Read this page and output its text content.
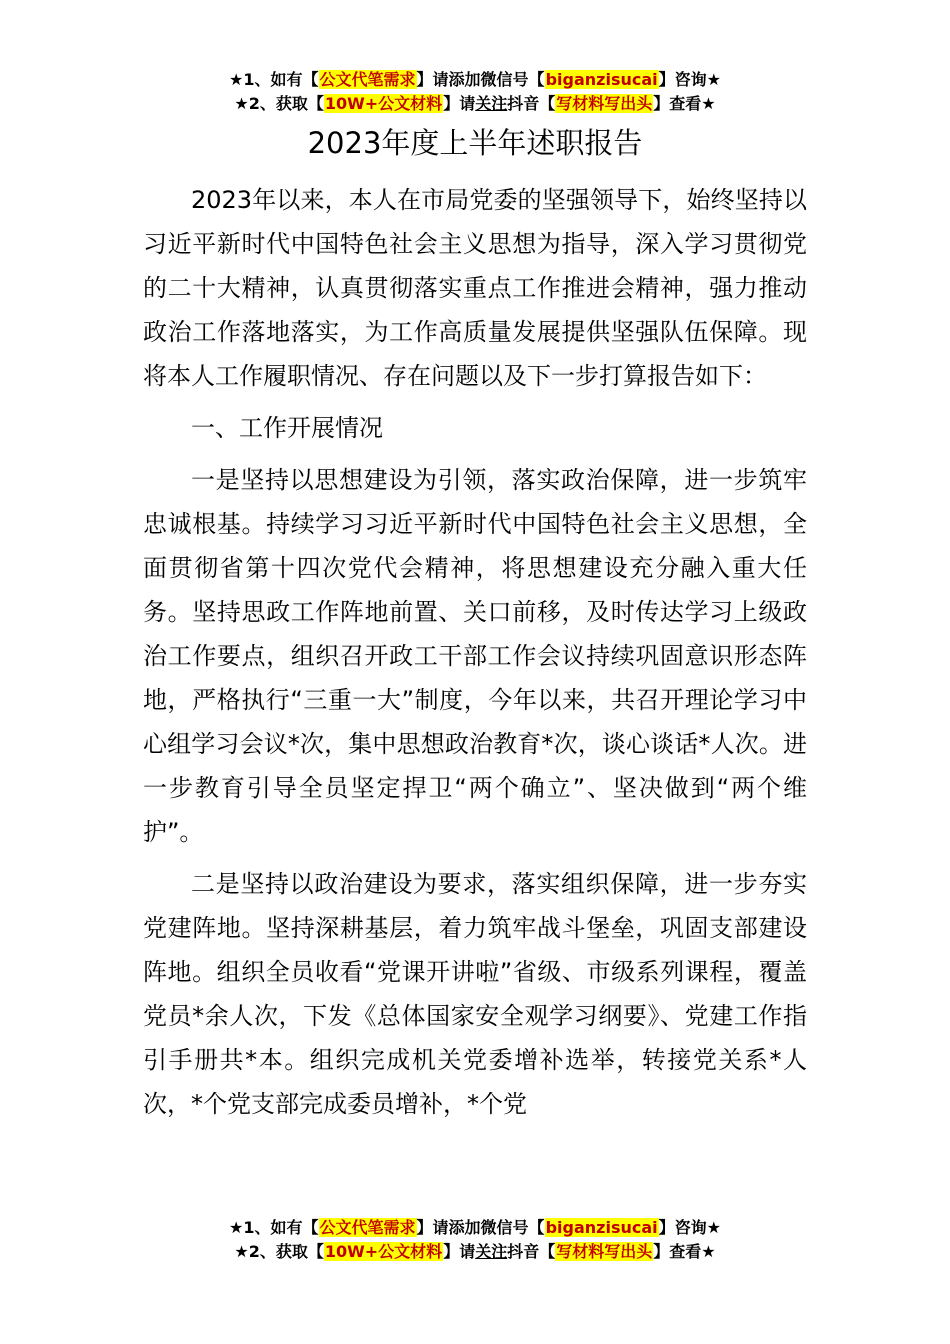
★1、如有【公文代笔需求】请添加微信号【biganzisucai】咨询★
★2、获取【10W+公文材料】请关注抖音【写材料写出头】查看★
2023年度上半年述职报告

2023年以来，本人在市局党委的坚强领导下，始终坚持以习近平新时代中国特色社会主义思想为指导，深入学习贯彻党的二十大精神，认真贯彻落实重点工作推进会精神，强力推动政治工作落地落实，为工作高质量发展提供坚强队伍保障。现将本人工作履职情况、存在问题以及下一步打算报告如下：

一、工作开展情况

一是坚持以思想建设为引领，落实政治保障，进一步筑牢忠诚根基。持续学习习近平新时代中国特色社会主义思想，全面贯彻省第十四次党代会精神，将思想建设充分融入重大任务。坚持思政工作阵地前置、关口前移，及时传达学习上级政治工作要点，组织召开政工干部工作会议持续巩固意识形态阵地，严格执行“三重一大”制度，今年以来，共召开理论学习中心组学习会议*次，集中思想政治教育*次，谈心谈话*人次。进一步教育引导全员坚定捍卫“两个确立”、坚决做到“两个维护”。

二是坚持以政治建设为要求，落实组织保障，进一步夯实党建阵地。坚持深耕基层，着力筑牢战斗堡垒，巩固支部建设阵地。组织全员收看“党课开讲啦”省级、市级系列课程，覆盖党员*余人次，下发《总体国家安全观学习纲要》、党建工作指引手册共*本。组织完成机关党委增补选举，转接党关系*人次，*个党支部完成委员增补，*个党

★1、如有【公文代笔需求】请添加微信号【biganzisucai】咨询★
★2、获取【10W+公文材料】请关注抖音【写材料写出头】查看★
